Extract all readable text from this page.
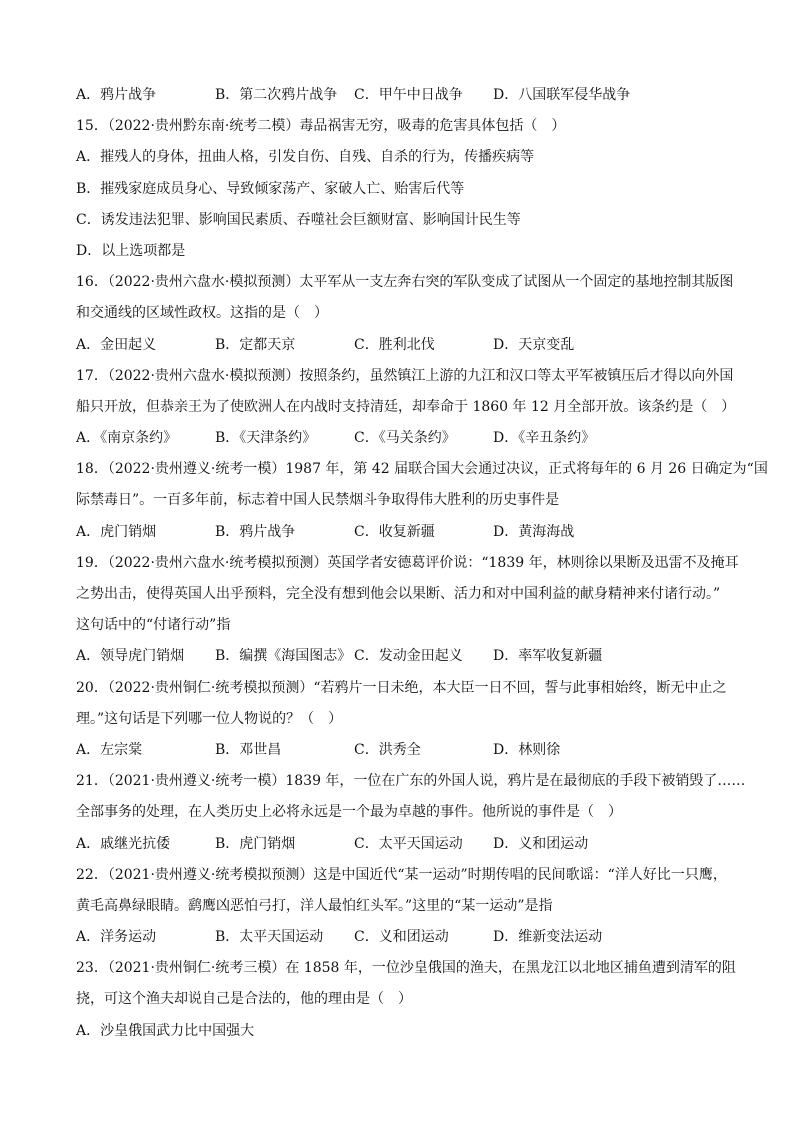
A．鸦片战争	B．第二次鸦片战争	C．甲午中日战争	D．八国联军侵华战争
15．（2022·贵州黔东南·统考二模）毒品祸害无穷，吸毒的危害具体包括（　）
A．摧残人的身体，扭曲人格，引发自伤、自残、自杀的行为，传播疾病等
B．摧残家庭成员身心、导致倾家荡产、家破人亡、贻害后代等
C．诱发违法犯罪、影响国民素质、吞噬社会巨额财富、影响国计民生等
D．以上选项都是
16．（2022·贵州六盘水·模拟预测）太平军从一支左奔右突的军队变成了试图从一个固定的基地控制其版图
和交通线的区域性政权。这指的是（　）
A．金田起义	B．定都天京	C．胜利北伐	D．天京变乱
17．（2022·贵州六盘水·模拟预测）按照条约，虽然镇江上游的九江和汉口等太平军被镇压后才得以向外国
船只开放，但恭亲王为了使欧洲人在内战时支持清廷，却奉命于 1860 年 12 月全部开放。该条约是（　）
A．《南京条约》	B．《天津条约》	C．《马关条约》	D．《辛丑条约》
18．（2022·贵州遵义·统考一模）1987 年，第 42 届联合国大会通过决议，正式将每年的 6 月 26 日确定为“国
际禁毒日”。一百多年前，标志着中国人民禁烟斗争取得伟大胜利的历史事件是
A．虎门销烟	B．鸦片战争	C．收复新疆	D．黄海海战
19．（2022·贵州六盘水·统考模拟预测）英国学者安德葛评价说：“1839 年，林则徐以果断及迅雷不及掩耳
之势出击，使得英国人出乎预料，完全没有想到他会以果断、活力和对中国利益的献身精神来付诸行动。”
这句话中的“付诸行动”指
A．领导虎门销烟	B．编撰《海国图志》 C．发动金田起义	D．率军收复新疆
20．（2022·贵州铜仁·统考模拟预测）“若鸦片一日未绝，本大臣一日不回，誓与此事相始终，断无中止之
理。”这句话是下列哪一位人物说的？（　）
A．左宗棠	B．邓世昌	C．洪秀全	D．林则徐
21．（2021·贵州遵义·统考一模）1839 年，一位在广东的外国人说，鸦片是在最彻底的手段下被销毁了……
全部事务的处理，在人类历史上必将永远是一个最为卓越的事件。他所说的事件是（　）
A．戚继光抗倭	B．虎门销烟	C．太平天国运动	D．义和团运动
22．（2021·贵州遵义·统考模拟预测）这是中国近代“某一运动”时期传唱的民间歌谣：“洋人好比一只鹰，
黄毛高鼻绿眼睛。鹞鹰凶恶怕弓打，洋人最怕红头军。”这里的“某一运动”是指
A．洋务运动	B．太平天国运动	C．义和团运动	D．维新变法运动
23．（2021·贵州铜仁·统考三模）在 1858 年，一位沙皇俄国的渔夫，在黑龙江以北地区捕鱼遭到清军的阻
挠，可这个渔夫却说自己是合法的，他的理由是（　）
A．沙皇俄国武力比中国强大
